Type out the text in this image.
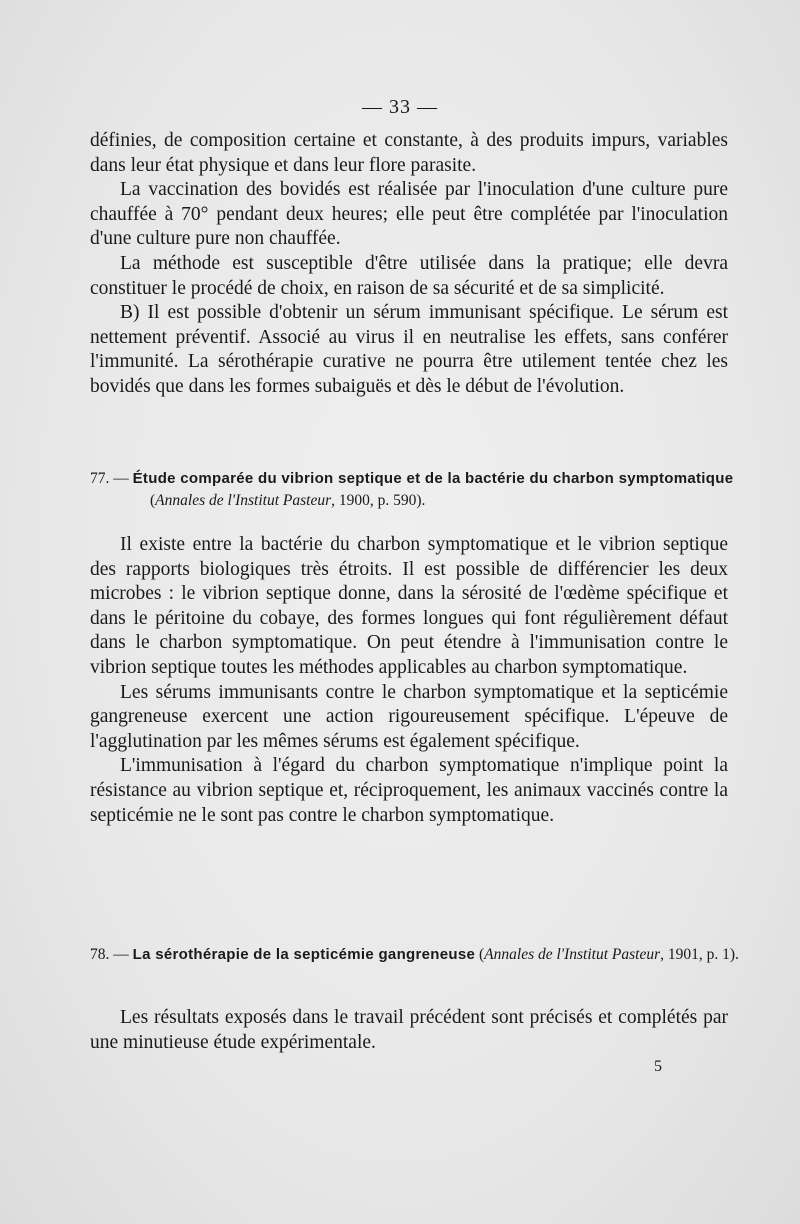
— 33 —

définies, de composition certaine et constante, à des produits impurs, variables dans leur état physique et dans leur flore parasite.

La vaccination des bovidés est réalisée par l'inoculation d'une culture pure chauffée à 70° pendant deux heures; elle peut être complétée par l'inoculation d'une culture pure non chauffée.

La méthode est susceptible d'être utilisée dans la pratique; elle devra constituer le procédé de choix, en raison de sa sécurité et de sa simplicité.

B) Il est possible d'obtenir un sérum immunisant spécifique. Le sérum est nettement préventif. Associé au virus il en neutralise les effets, sans conférer l'immunité. La sérothérapie curative ne pourra être utilement tentée chez les bovidés que dans les formes subaiguës et dès le début de l'évolution.

77. — Étude comparée du vibrion septique et de la bactérie du charbon symptomatique (Annales de l'Institut Pasteur, 1900, p. 590).

Il existe entre la bactérie du charbon symptomatique et le vibrion septique des rapports biologiques très étroits. Il est possible de différencier les deux microbes : le vibrion septique donne, dans la sérosité de l'œdème spécifique et dans le péritoine du cobaye, des formes longues qui font régulièrement défaut dans le charbon symptomatique. On peut étendre à l'immunisation contre le vibrion septique toutes les méthodes applicables au charbon symptomatique.

Les sérums immunisants contre le charbon symptomatique et la septicémie gangreneuse exercent une action rigoureusement spécifique. L'épeuve de l'agglutination par les mêmes sérums est également spécifique.

L'immunisation à l'égard du charbon symptomatique n'implique point la résistance au vibrion septique et, réciproquement, les animaux vaccinés contre la septicémie ne le sont pas contre le charbon symptomatique.

78. — La sérothérapie de la septicémie gangreneuse (Annales de l'Institut Pasteur, 1901, p. 1).

Les résultats exposés dans le travail précédent sont précisés et complétés par une minutieuse étude expérimentale.

5
